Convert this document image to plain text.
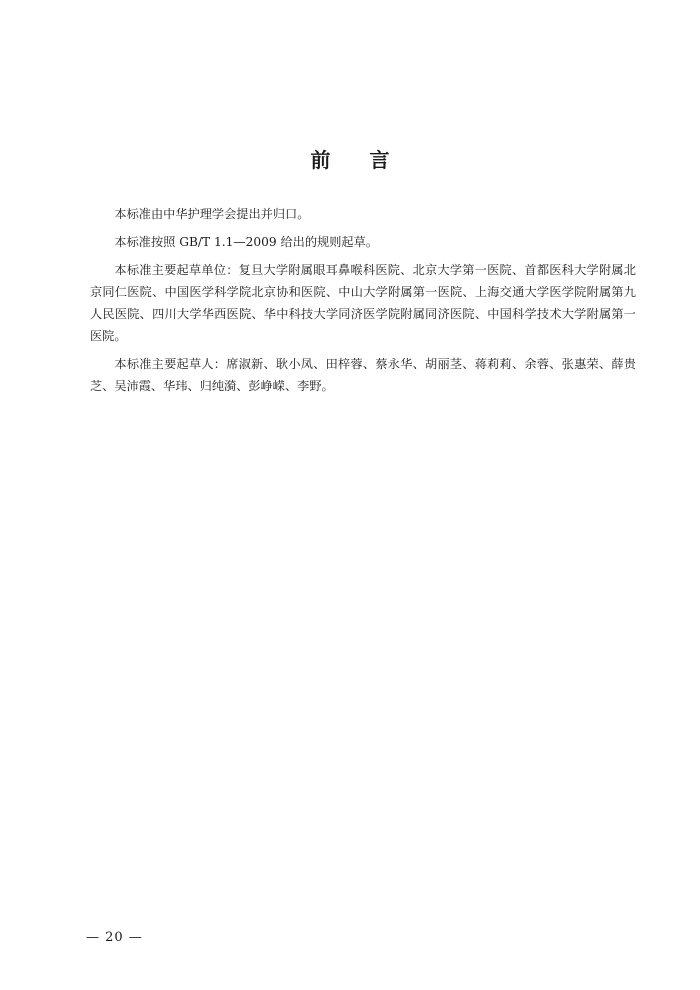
前 言

本标准由中华护理学会提出并归口。

本标准按照 GB/T 1.1—2009 给出的规则起草。

本标准主要起草单位：复旦大学附属眼耳鼻喉科医院、北京大学第一医院、首都医科大学附属北京同仁医院、中国医学科学院北京协和医院、中山大学附属第一医院、上海交通大学医学院附属第九人民医院、四川大学华西医院、华中科技大学同济医学院附属同济医院、中国科学技术大学附属第一医院。

本标准主要起草人：席淑新、耿小凤、田梓蓉、蔡永华、胡丽茎、蒋莉莉、余蓉、张惠荣、薛贵芝、吴沛霞、华玮、归纯漪、彭峥嵘、李野。

— 20 —
